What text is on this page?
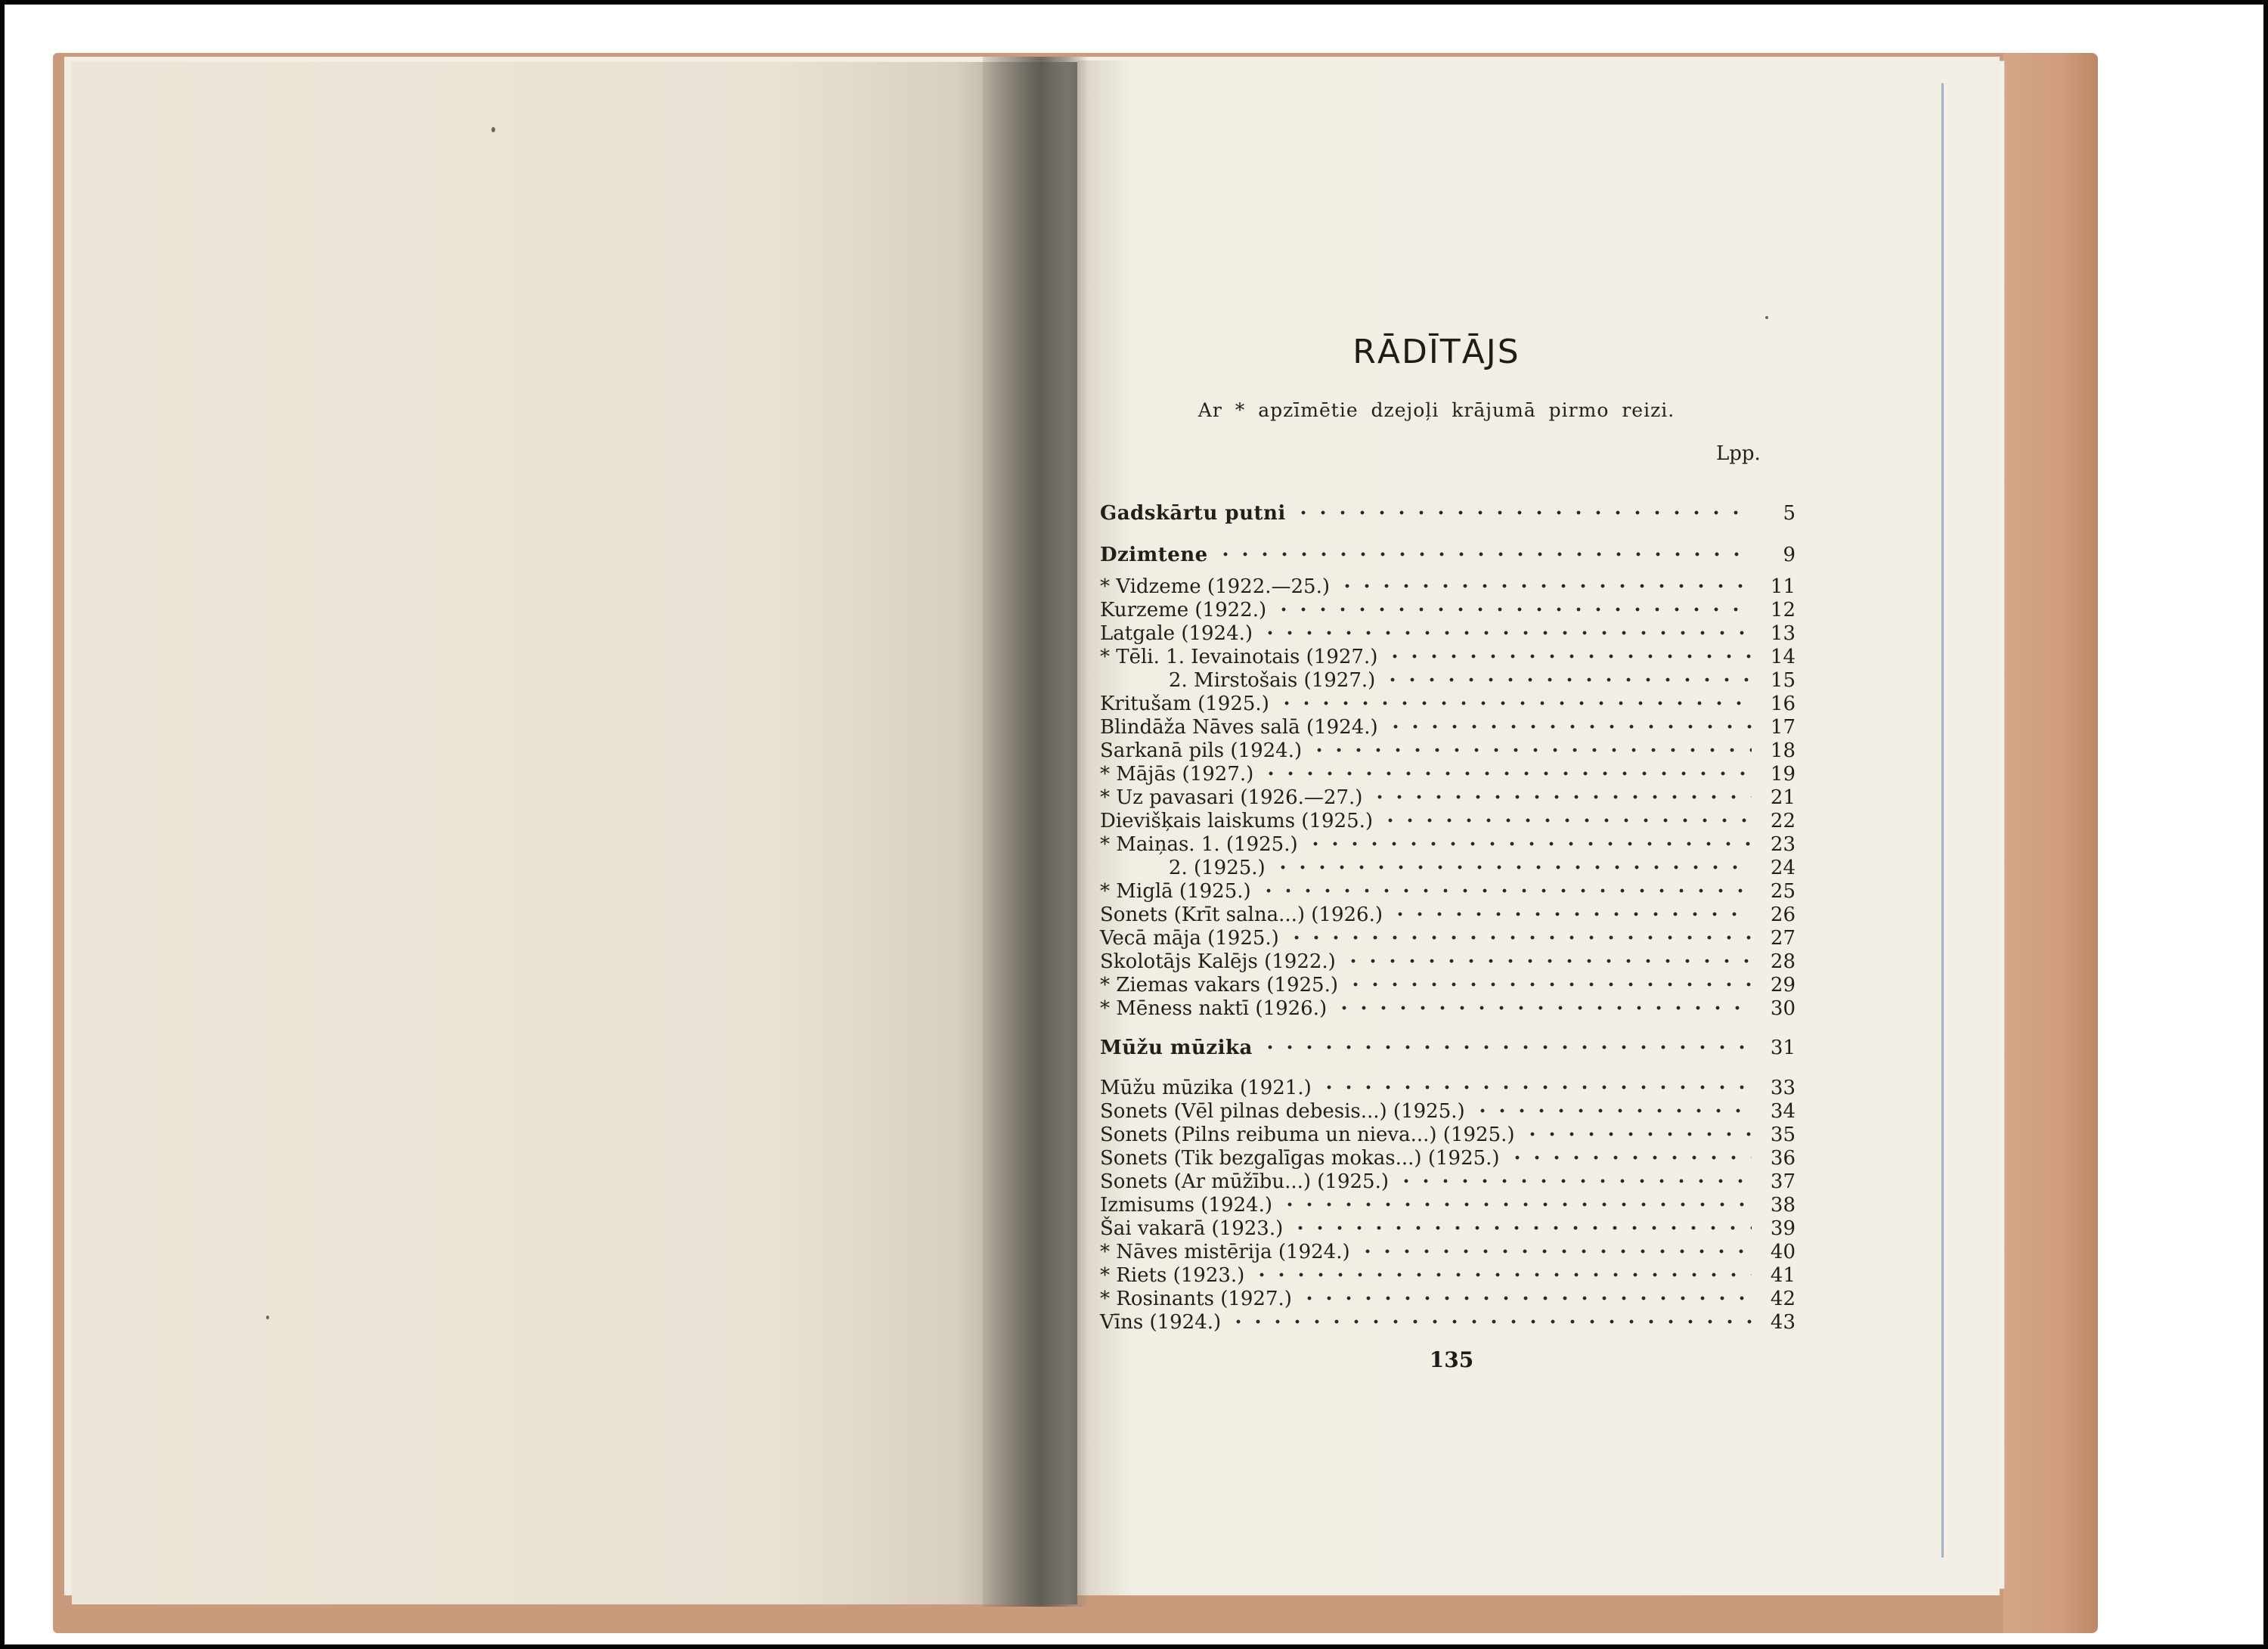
RĀDĪTĀJS
Ar * apzīmētie dzejoļi krājumā pirmo reizi.
Lpp.
Gadskārtu putni	5
Dzimtene	9
* Vidzeme (1922.—25.)	11
Kurzeme (1922.)	12
Latgale (1924.)	13
* Tēli. 1. Ievainotais (1927.)	14
2. Mirstošais (1927.)	15
Kritušam (1925.)	16
Blindāža Nāves salā (1924.)	17
Sarkanā pils (1924.)	18
* Mājās (1927.)	19
* Uz pavasari (1926.—27.)	21
Dievišķais laiskums (1925.)	22
* Maiņas. 1. (1925.)	23
2. (1925.)	24
* Miglā (1925.)	25
Sonets (Krīt salna...) (1926.)	26
Vecā māja (1925.)	27
Skolotājs Kalējs (1922.)	28
* Ziemas vakars (1925.)	29
* Mēness naktī (1926.)	30
Mūžu mūzika	31
Mūžu mūzika (1921.)	33
Sonets (Vēl pilnas debesis...) (1925.)	34
Sonets (Pilns reibuma un nieva...) (1925.)	35
Sonets (Tik bezgalīgas mokas...) (1925.)	36
Sonets (Ar mūžību...) (1925.)	37
Izmisums (1924.)	38
Šai vakarā (1923.)	39
* Nāves mistērija (1924.)	40
* Riets (1923.)	41
* Rosinants (1927.)	42
Vīns (1924.)	43
135
